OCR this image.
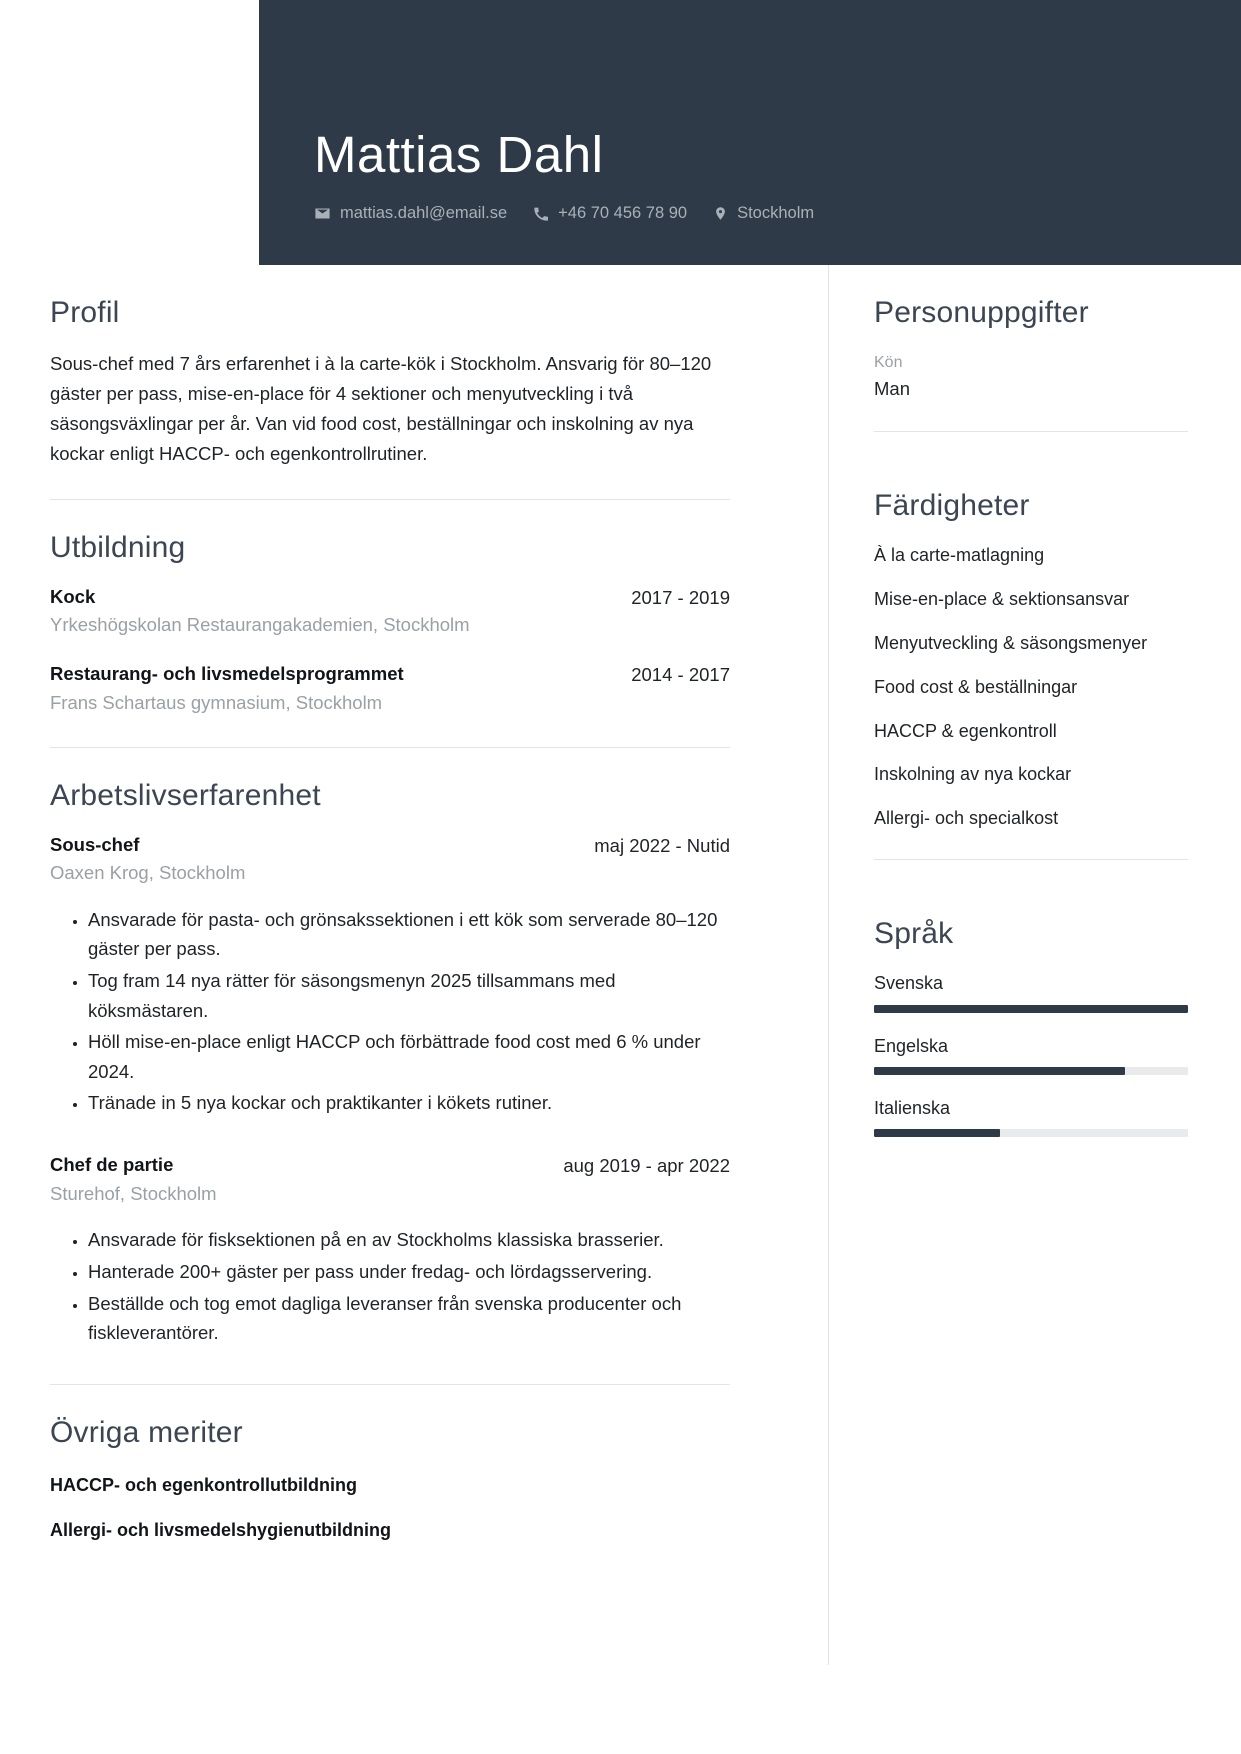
Mattias Dahl
mattias.dahl@email.se	+46 70 456 78 90	Stockholm
Profil
Sous-chef med 7 års erfarenhet i à la carte-kök i Stockholm. Ansvarig för 80–120 gäster per pass, mise-en-place för 4 sektioner och menyutveckling i två säsongsväxlingar per år. Van vid food cost, beställningar och inskolning av nya kockar enligt HACCP- och egenkontrollrutiner.
Utbildning
Kock	2017 - 2019
Yrkeshögskolan Restaurangakademien, Stockholm
Restaurang- och livsmedelsprogrammet	2014 - 2017
Frans Schartaus gymnasium, Stockholm
Arbetslivserfarenhet
Sous-chef	maj 2022 - Nutid
Oaxen Krog, Stockholm
• Ansvarade för pasta- och grönsakssektionen i ett kök som serverade 80–120 gäster per pass.
• Tog fram 14 nya rätter för säsongsmenyn 2025 tillsammans med köksmästaren.
• Höll mise-en-place enligt HACCP och förbättrade food cost med 6 % under 2024.
• Tränade in 5 nya kockar och praktikanter i kökets rutiner.
Chef de partie	aug 2019 - apr 2022
Sturehof, Stockholm
• Ansvarade för fisksektionen på en av Stockholms klassiska brasserier.
• Hanterade 200+ gäster per pass under fredag- och lördagsservering.
• Beställde och tog emot dagliga leveranser från svenska producenter och fiskleverantörer.
Övriga meriter
HACCP- och egenkontrollutbildning
Allergi- och livsmedelshygienutbildning
Personuppgifter
Kön
Man
Färdigheter
À la carte-matlagning
Mise-en-place & sektionsansvar
Menyutveckling & säsongsmenyer
Food cost & beställningar
HACCP & egenkontroll
Inskolning av nya kockar
Allergi- och specialkost
Språk
Svenska
Engelska
Italienska
